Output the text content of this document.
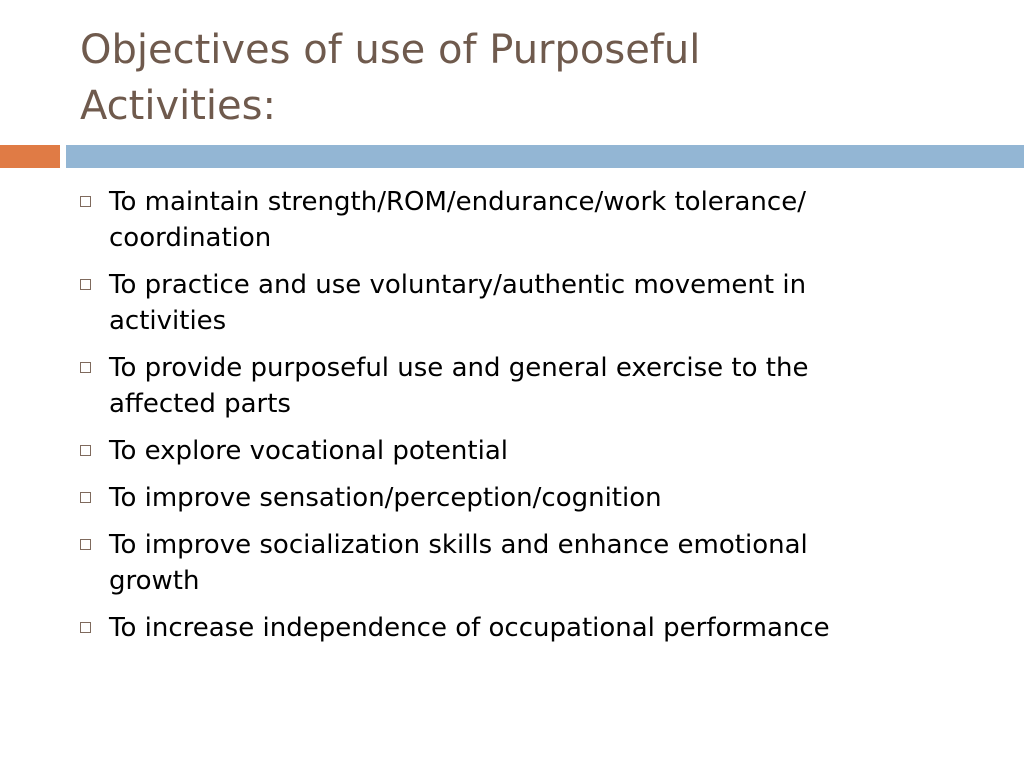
Objectives of use of Purposeful
Activities:
To maintain strength/ROM/endurance/work tolerance/
coordination
To practice and use voluntary/authentic movement in
activities
To provide purposeful use and general exercise to the
affected parts
To explore vocational potential
To improve sensation/perception/cognition
To improve socialization skills and enhance emotional
growth
To increase independence of occupational performance
